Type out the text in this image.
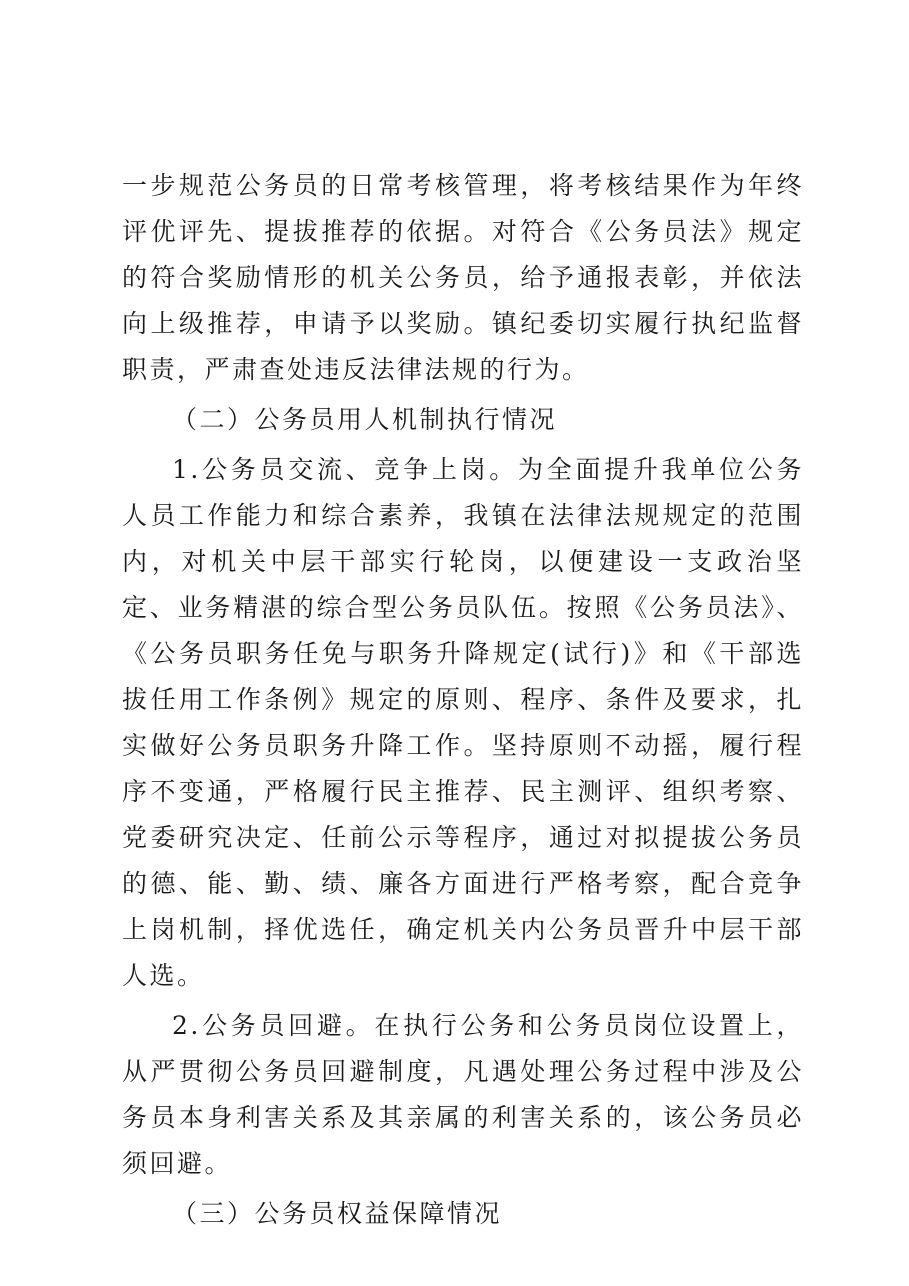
一步规范公务员的日常考核管理，将考核结果作为年终评优评先、提拔推荐的依据。对符合《公务员法》规定的符合奖励情形的机关公务员，给予通报表彰，并依法向上级推荐，申请予以奖励。镇纪委切实履行执纪监督职责，严肃查处违反法律法规的行为。

（二）公务员用人机制执行情况

1.公务员交流、竞争上岗。为全面提升我单位公务人员工作能力和综合素养，我镇在法律法规规定的范围内，对机关中层干部实行轮岗，以便建设一支政治坚定、业务精湛的综合型公务员队伍。按照《公务员法》、《公务员职务任免与职务升降规定(试行)》和《干部选拔任用工作条例》规定的原则、程序、条件及要求，扎实做好公务员职务升降工作。坚持原则不动摇，履行程序不变通，严格履行民主推荐、民主测评、组织考察、党委研究决定、任前公示等程序，通过对拟提拔公务员的德、能、勤、绩、廉各方面进行严格考察，配合竞争上岗机制，择优选任，确定机关内公务员晋升中层干部人选。

2.公务员回避。在执行公务和公务员岗位设置上，从严贯彻公务员回避制度，凡遇处理公务过程中涉及公务员本身利害关系及其亲属的利害关系的，该公务员必须回避。

（三）公务员权益保障情况
